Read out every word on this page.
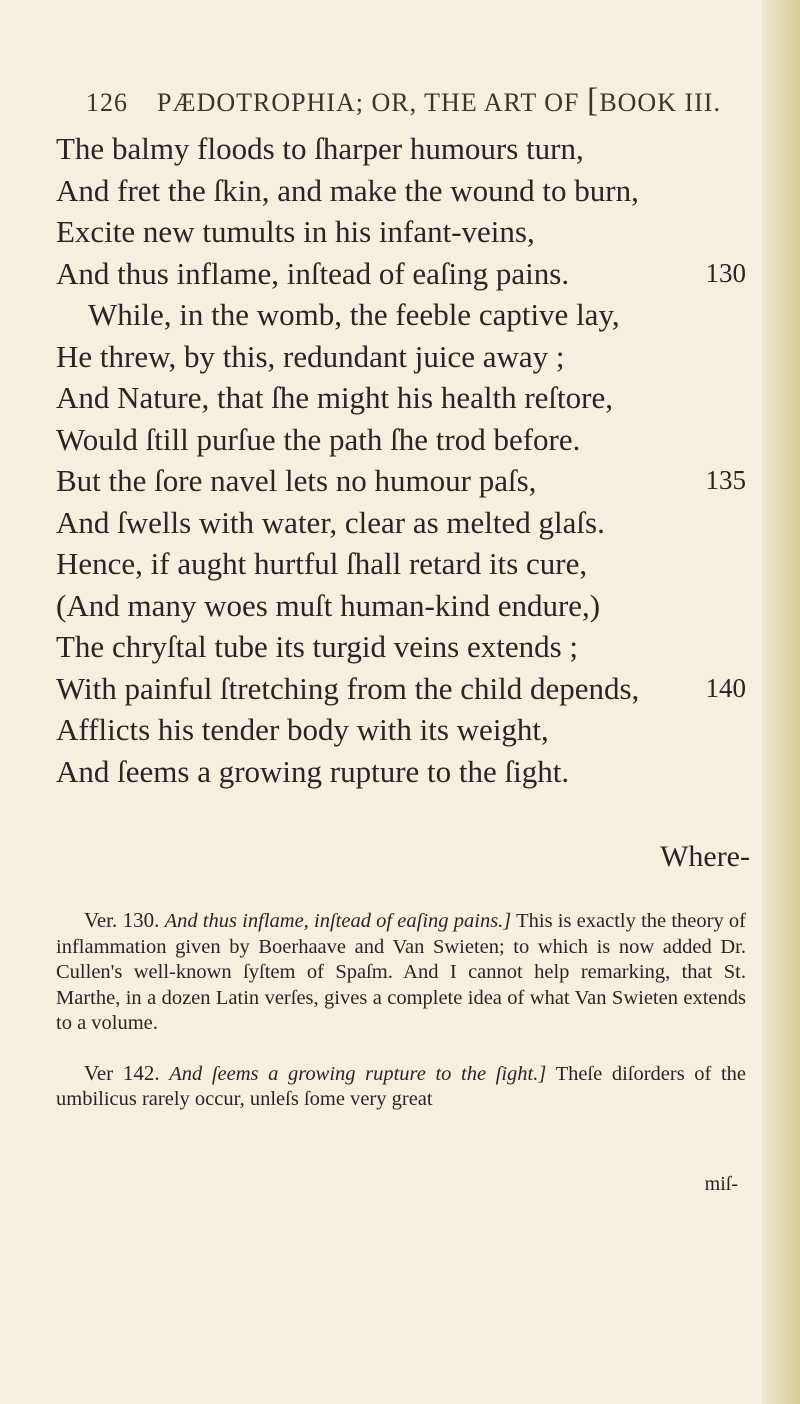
126 PÆDOTROPHIA; OR, THE ART OF [BOOK III.
The balmy floods to ſharper humours turn,
And fret the ſkin, and make the wound to burn,
Excite new tumults in his infant-veins,
And thus inflame, inſtead of eaſing pains.	130
While, in the womb, the feeble captive lay,
He threw, by this, redundant juice away ;
And Nature, that ſhe might his health reſtore,
Would ſtill purſue the path ſhe trod before.
But the ſore navel lets no humour paſs,	135
And ſwells with water, clear as melted glaſs.
Hence, if aught hurtful ſhall retard its cure,
(And many woes muſt human-kind endure,)
The chryſtal tube its turgid veins extends ;
With painful ſtretching from the child depends, 140
Afflicts his tender body with its weight,
And ſeems a growing rupture to the ſight.
Where-

Ver. 130. And thus inflame, inſtead of eaſing pains.] This is exactly the theory of inflammation given by Boerhaave and Van Swieten; to which is now added Dr. Cullen's well-known ſyſtem of Spaſm. And I cannot help remarking, that St. Marthe, in a dozen Latin verſes, gives a complete idea of what Van Swieten extends to a volume.

Ver 142. And ſeems a growing rupture to the ſight.] Theſe diſorders of the umbilicus rarely occur, unleſs ſome very great

miſ-
